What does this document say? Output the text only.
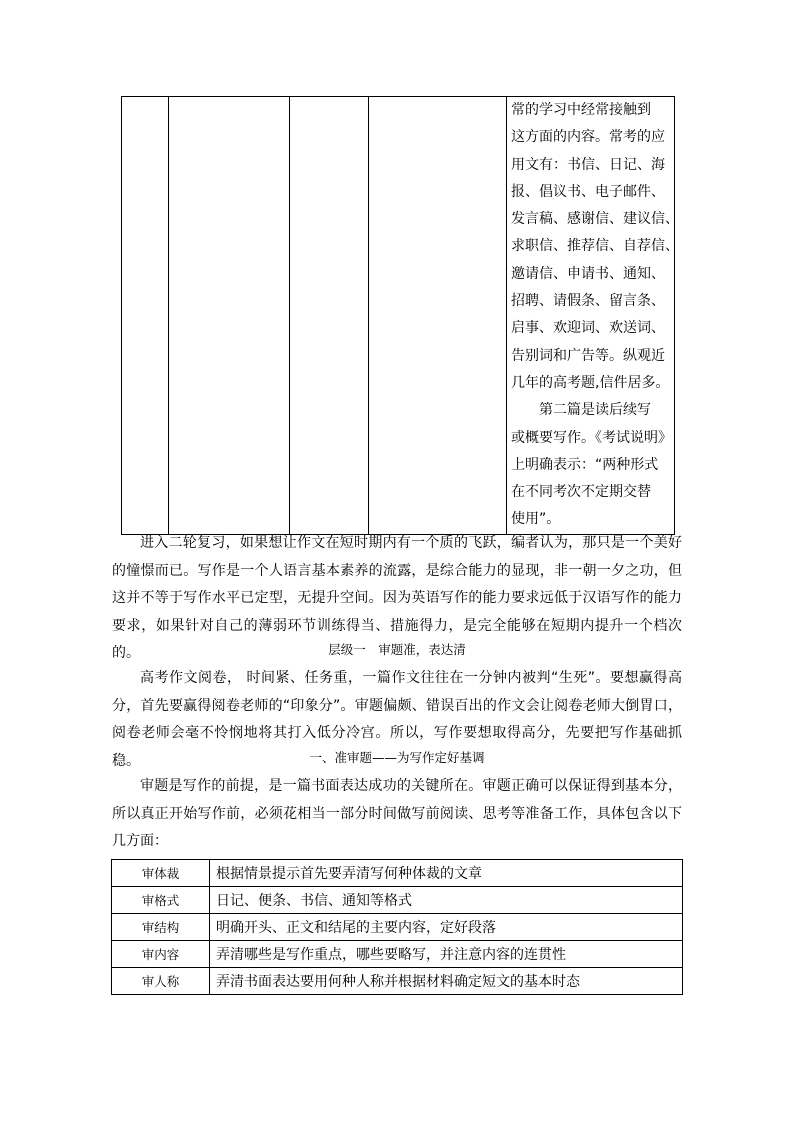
常的学习中经常接触到
这方面的内容。常考的应
用文有：书信、日记、海
报、倡议书、电子邮件、
发言稿、感谢信、建议信、
求职信、推荐信、自荐信、
邀请信、申请书、通知、
招聘、请假条、留言条、
启事、欢迎词、欢送词、
告别词和广告等。纵观近
几年的高考题,信件居多。
第二篇是读后续写
或概要写作。《考试说明》
上明确表示：“两种形式
在不同考次不定期交替
使用”。
进入二轮复习，如果想让作文在短时期内有一个质的飞跃，编者认为，那只是一个美好的憧憬而已。写作是一个人语言基本素养的流露，是综合能力的显现，非一朝一夕之功，但这并不等于写作水平已定型，无提升空间。因为英语写作的能力要求远低于汉语写作的能力要求，如果针对自己的薄弱环节训练得当、措施得力，是完全能够在短期内提升一个档次的。	层级一　审题准，表达清
高考作文阅卷， 时间紧、任务重，一篇作文往往在一分钟内被判“生死”。要想赢得高分，首先要赢得阅卷老师的“印象分”。审题偏颇、错误百出的作文会让阅卷老师大倒胃口，阅卷老师会毫不怜悯地将其打入低分冷宫。所以，写作要想取得高分，先要把写作基础抓稳。	一、准审题——为写作定好基调
审题是写作的前提，是一篇书面表达成功的关键所在。审题正确可以保证得到基本分，所以真正开始写作前，必须花相当一部分时间做写前阅读、思考等准备工作，具体包含以下几方面：
审体裁	根据情景提示首先要弄清写何种体裁的文章
审格式	日记、便条、书信、通知等格式
审结构	明确开头、正文和结尾的主要内容，定好段落
审内容	弄清哪些是写作重点，哪些要略写，并注意内容的连贯性
审人称	弄清书面表达要用何种人称并根据材料确定短文的基本时态
